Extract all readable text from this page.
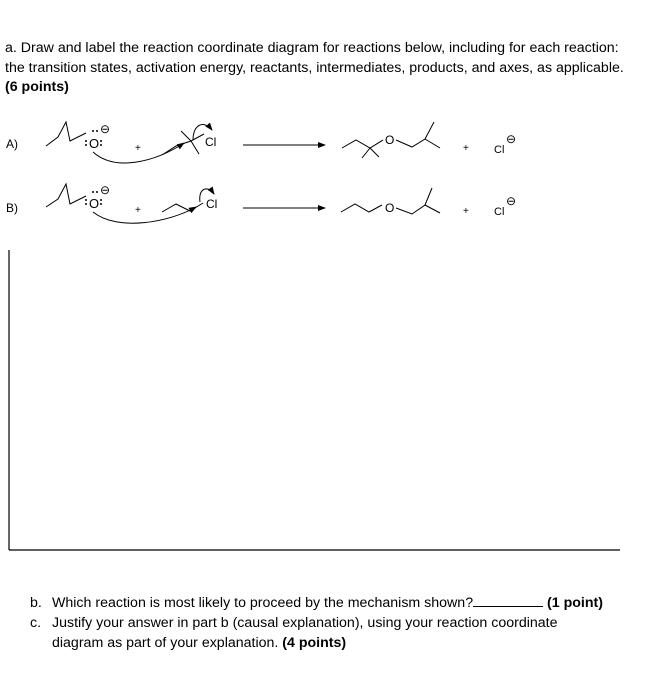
a. Draw and label the reaction coordinate diagram for reactions below, including for each reaction: the transition states, activation energy, reactants, intermediates, products, and axes, as applicable. (6 points)
A)
B)
O
⊖
+	Cl	O
+ Cl
⊖
O
⊖
+	Cl	O	+ Cl
⊖
b. Which reaction is most likely to proceed by the mechanism shown?	(1 point)
c. Justify your answer in part b (causal explanation), using your reaction coordinate
diagram as part of your explanation. (4 points)
